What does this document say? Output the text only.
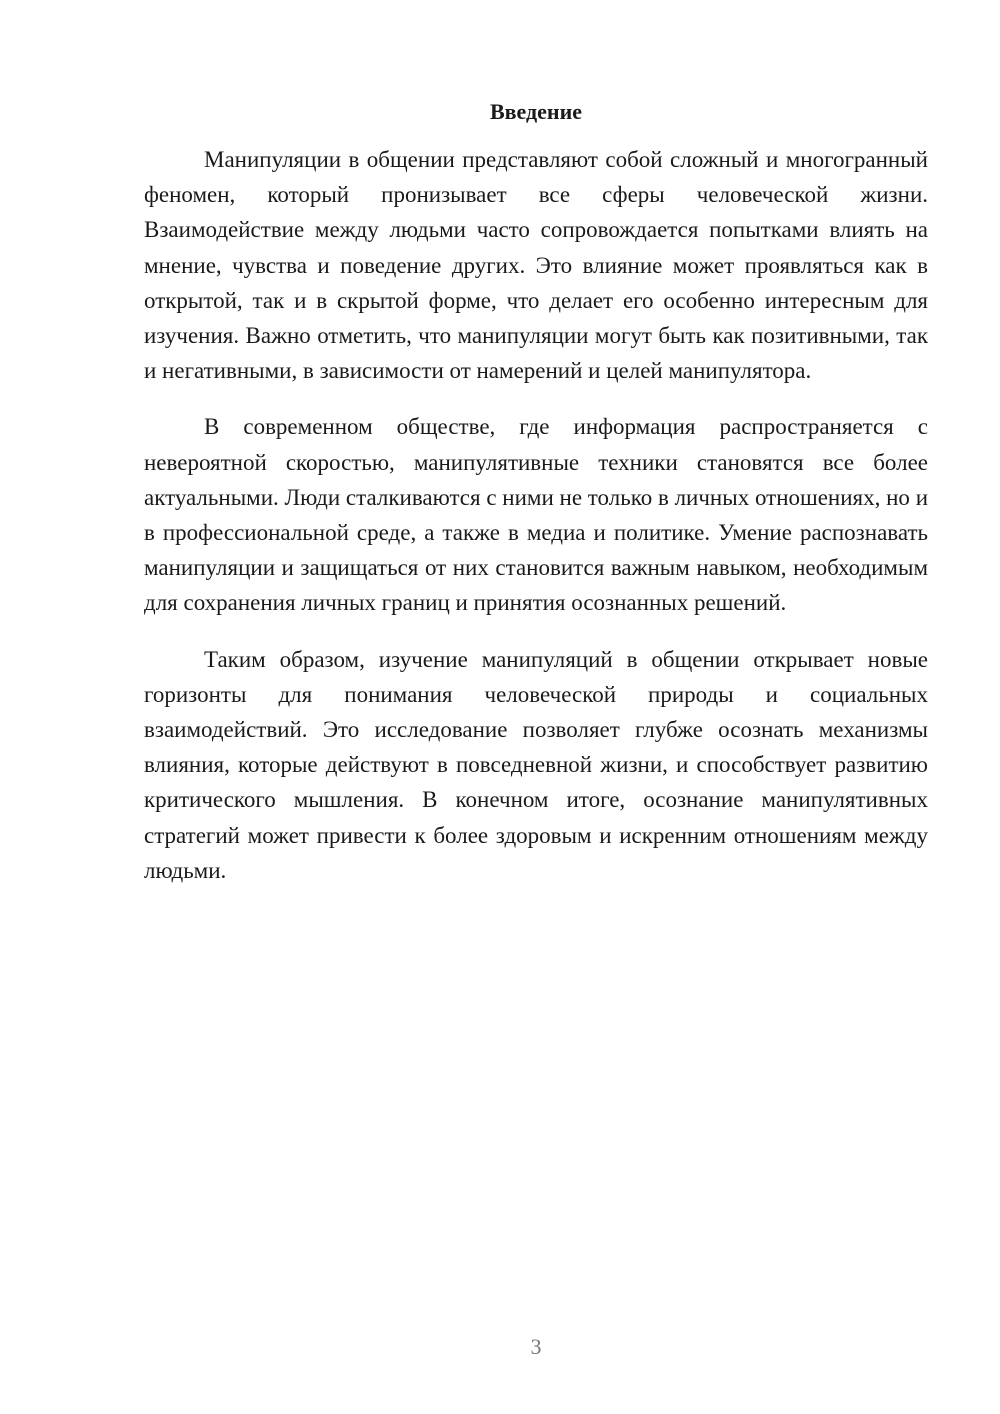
Введение

Манипуляции в общении представляют собой сложный и многогранный феномен, который пронизывает все сферы человеческой жизни. Взаимодействие между людьми часто сопровождается попытками влиять на мнение, чувства и поведение других. Это влияние может проявляться как в открытой, так и в скрытой форме, что делает его особенно интересным для изучения. Важно отметить, что манипуляции могут быть как позитивными, так и негативными, в зависимости от намерений и целей манипулятора.

В современном обществе, где информация распространяется с невероятной скоростью, манипулятивные техники становятся все более актуальными. Люди сталкиваются с ними не только в личных отношениях, но и в профессиональной среде, а также в медиа и политике. Умение распознавать манипуляции и защищаться от них становится важным навыком, необходимым для сохранения личных границ и принятия осознанных решений.

Таким образом, изучение манипуляций в общении открывает новые горизонты для понимания человеческой природы и социальных взаимодействий. Это исследование позволяет глубже осознать механизмы влияния, которые действуют в повседневной жизни, и способствует развитию критического мышления. В конечном итоге, осознание манипулятивных стратегий может привести к более здоровым и искренним отношениям между людьми.

3
